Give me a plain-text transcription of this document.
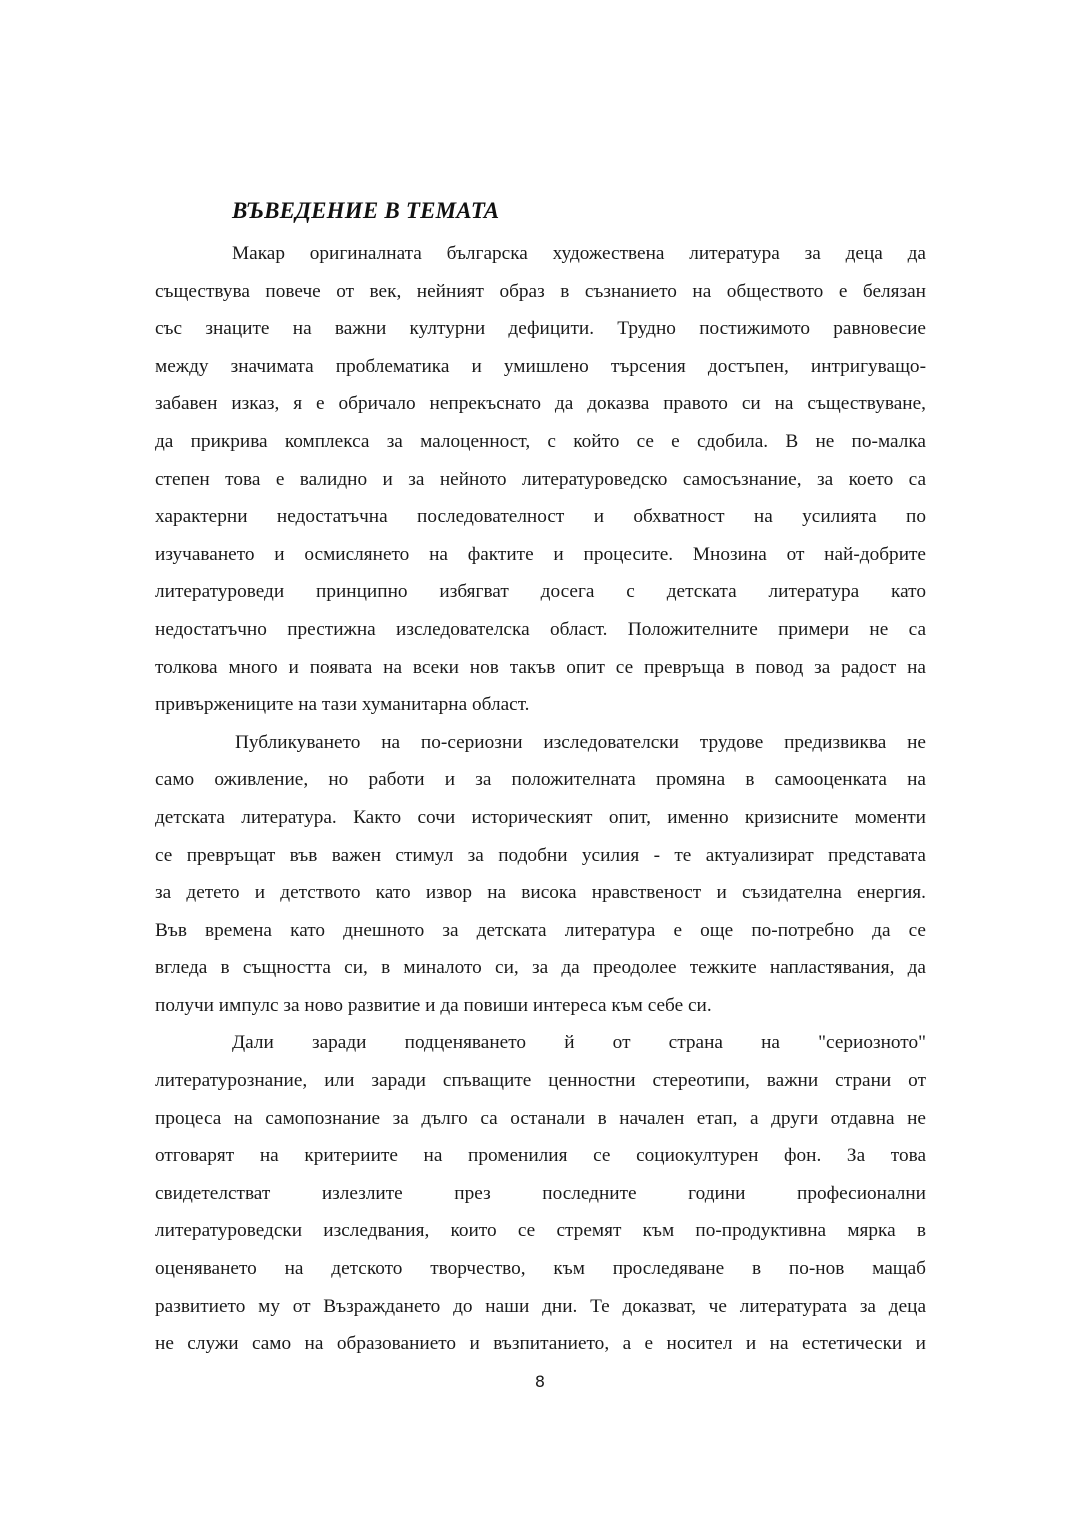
ВЪВЕДЕНИЕ В ТЕМАТА
Макар оригиналната българска художествена литература за деца да
съществува повече от век, нейният образ в съзнанието на обществото е белязан
със знаците на важни културни дефицити. Трудно постижимото равновесие
между значимата проблематика и умишлено търсения достъпен, интригуващо-
забавен изказ, я е обричало непрекъснато да доказва правото си на съществуване,
да прикрива комплекса за малоценност, с който се е сдобила. В не по-малка
степен това е валидно и за нейното литературоведско самосъзнание, за което са
характерни недостатъчна последователност и обхватност на усилията по
изучаването и осмислянето на фактите и процесите. Мнозина от най-добрите
литературоведи принципно избягват досега с детската литература като
недостатъчно престижна изследователска област. Положителните примери не са
толкова много и появата на всеки нов такъв опит се превръща в повод за радост на
привържениците на тази хуманитарна област.
Публикуването на по-сериозни изследователски трудове предизвиква не
само оживление, но работи и за положителната промяна в самооценката на
детската литература. Както сочи историческият опит, именно кризисните моменти
се превръщат във важен стимул за подобни усилия - те актуализират представата
за детето и детството като извор на висока нравственост и съзидателна енергия.
Във времена като днешното за детската литература е още по-потребно да се
вгледа в същността си, в миналото си, за да преодолее тежките напластявания, да
получи импулс за ново развитие и да повиши интереса към себе си.
Дали заради подценяването й от страна на "сериозното"
литературознание, или заради спъващите ценностни стереотипи, важни страни от
процеса на самопознание за дълго са останали в начален етап, а други отдавна не
отговарят на критериите на променилия се социокултурен фон. За това
свидетелстват излезлите през последните години професионални
литературоведски изследвания, които се стремят към по-продуктивна мярка в
оценяването на детското творчество, към проследяване в по-нов мащаб
развитието му от Възраждането до наши дни. Те доказват, че литературата за деца
не служи само на образованието и възпитанието, а е носител и на естетически и
8
